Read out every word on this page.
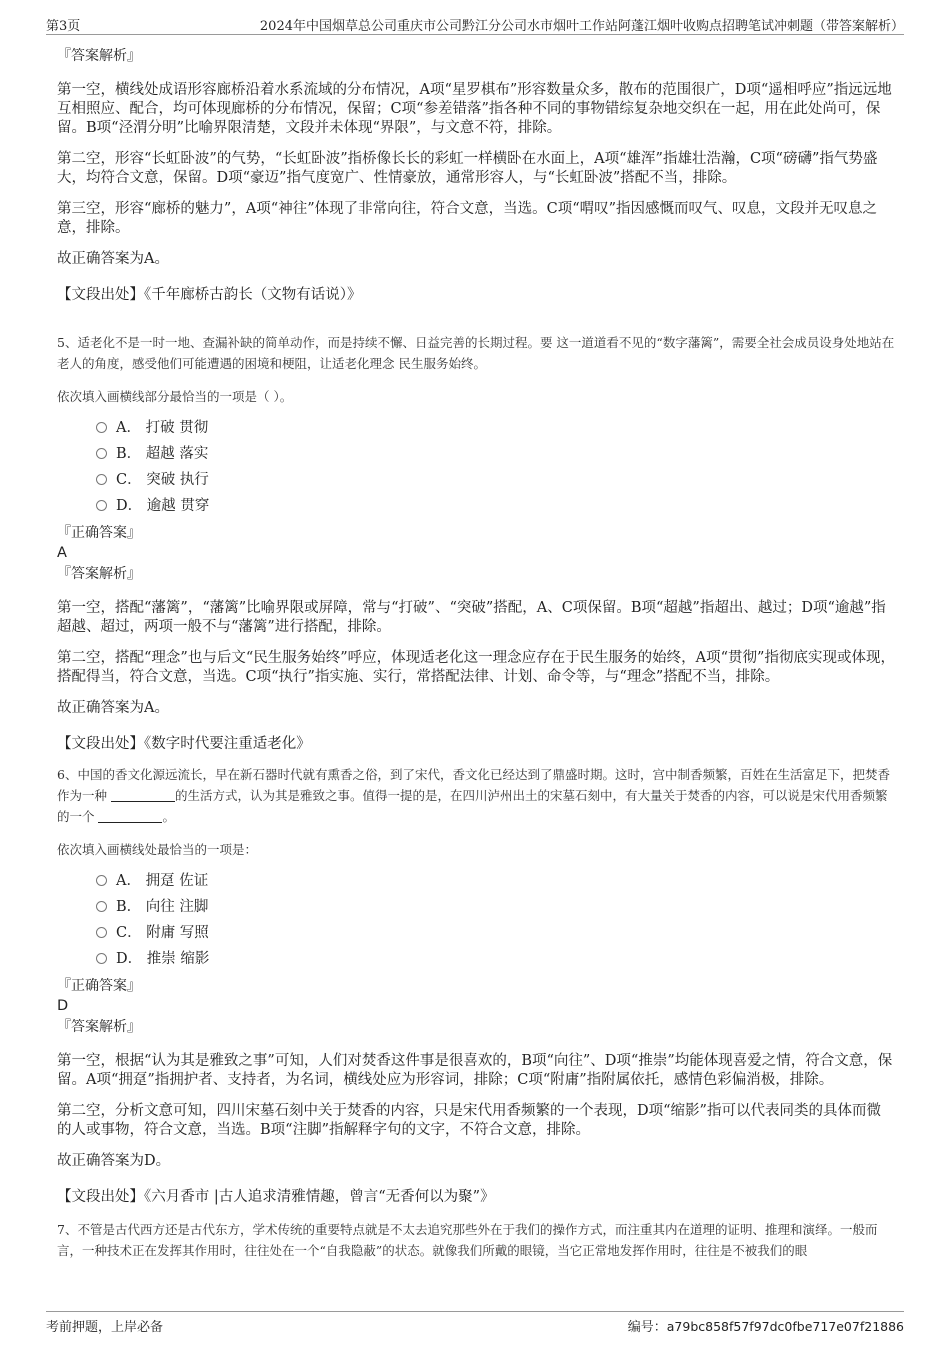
第3页	2024年中国烟草总公司重庆市公司黔江分公司水市烟叶工作站阿蓬江烟叶收购点招聘笔试冲刺题（带答案解析）

『答案解析』

第一空，横线处成语形容廊桥沿着水系流域的分布情况，A项“星罗棋布”形容数量众多，散布的范围很广，D项“遥相呼应”指远远地互相照应、配合，均可体现廊桥的分布情况，保留；C项“参差错落”指各种不同的事物错综复杂地交织在一起，用在此处尚可，保留。B项“泾渭分明”比喻界限清楚，文段并未体现“界限”，与文意不符，排除。

第二空，形容“长虹卧波”的气势，“长虹卧波”指桥像长长的彩虹一样横卧在水面上，A项“雄浑”指雄壮浩瀚，C项“磅礴”指气势盛大，均符合文意，保留。D项“豪迈”指气度宽广、性情豪放，通常形容人，与“长虹卧波”搭配不当，排除。

第三空，形容“廊桥的魅力”，A项“神往”体现了非常向往，符合文意，当选。C项“喟叹”指因感慨而叹气、叹息，文段并无叹息之意，排除。

故正确答案为A。

【文段出处】《千年廊桥古韵长（文物有话说）》

5、适老化不是一时一地、查漏补缺的简单动作，而是持续不懈、日益完善的长期过程。要 这一道道看不见的“数字藩篱”，需要全社会成员设身处地站在老人的角度，感受他们可能遭遇的困境和梗阻，让适老化理念 民生服务始终。

依次填入画横线部分最恰当的一项是（ ）。

A． 打破 贯彻
B． 超越 落实
C． 突破 执行
D． 逾越 贯穿

『正确答案』

A

『答案解析』

第一空，搭配“藩篱”，“藩篱”比喻界限或屏障，常与“打破”、“突破”搭配，A、C项保留。B项“超越”指超出、越过；D项“逾越”指超越、超过，两项一般不与“藩篱”进行搭配，排除。

第二空，搭配“理念”也与后文“民生服务始终”呼应，体现适老化这一理念应存在于民生服务的始终，A项“贯彻”指彻底实现或体现，搭配得当，符合文意，当选。C项“执行”指实施、实行，常搭配法律、计划、命令等，与“理念”搭配不当，排除。

故正确答案为A。

【文段出处】《数字时代要注重适老化》

6、中国的香文化源远流长，早在新石器时代就有熏香之俗，到了宋代，香文化已经达到了鼎盛时期。这时，宫中制香频繁，百姓在生活富足下，把焚香作为一种	的生活方式，认为其是雅致之事。值得一提的是，在四川泸州出土的宋墓石刻中，有大量关于焚香的内容，可以说是宋代用香频繁的一个	。

依次填入画横线处最恰当的一项是：

A． 拥趸 佐证
B． 向往 注脚
C． 附庸 写照
D． 推崇 缩影

『正确答案』

D

『答案解析』

第一空，根据“认为其是雅致之事”可知，人们对焚香这件事是很喜欢的，B项“向往”、D项“推崇”均能体现喜爱之情，符合文意，保留。A项“拥趸”指拥护者、支持者，为名词，横线处应为形容词，排除；C项“附庸”指附属依托，感情色彩偏消极，排除。

第二空，分析文意可知，四川宋墓石刻中关于焚香的内容，只是宋代用香频繁的一个表现，D项“缩影”指可以代表同类的具体而微的人或事物，符合文意，当选。B项“注脚”指解释字句的文字，不符合文意，排除。

故正确答案为D。

【文段出处】《六月香市 |古人追求清雅情趣，曾言“无香何以为聚”》

7、不管是古代西方还是古代东方，学术传统的重要特点就是不太去追究那些外在于我们的操作方式，而注重其内在道理的证明、推理和演绎。一般而言，一种技术正在发挥其作用时，往往处在一个“自我隐蔽”的状态。就像我们所戴的眼镜，当它正常地发挥作用时，往往是不被我们的眼

考前押题，上岸必备	编号：a79bc858f57f97dc0fbe717e07f21886
